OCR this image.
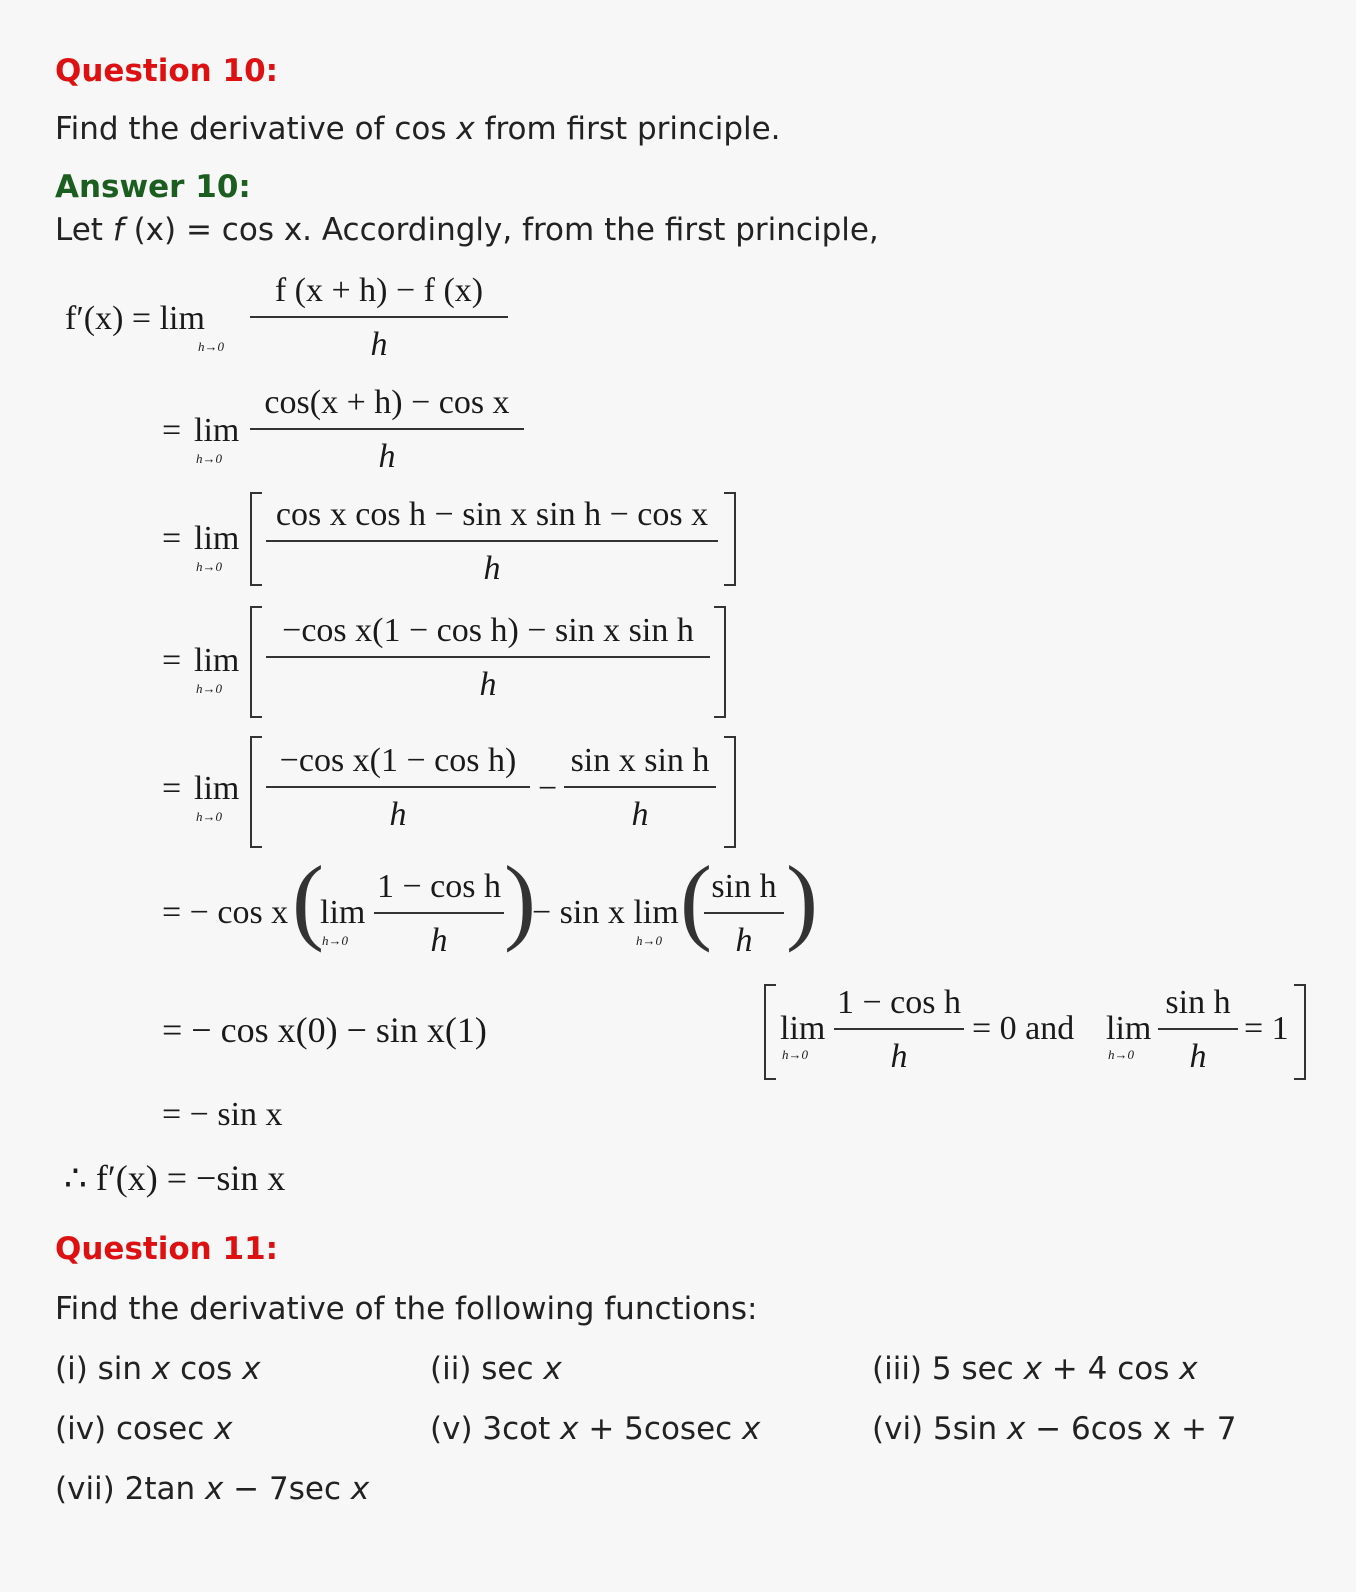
Question 10:
Find the derivative of cos x from first principle.
Answer 10:
Let f (x) = cos x. Accordingly, from the first principle,
f′(x) = lim
$h\to 0 \frac{f (x + h) - f (x)}{h}$
= lim
$h\to 0 \frac{\text{cos(x + h) − cos x}}{h}$
= lim
$h\to 0 \frac{\text{cos x cos h − sin x sin h − cos x}}{h}$
= lim
$h\to 0 \frac{\text{−cos x(1 − cos h) − sin x sin h}}{h}$
= lim
$h\to 0 \frac{\text{−cos x(1 − cos h)}}{h} - \frac{\text{sin x sin h}}{h}$
= − cos x (
lim
$h\to 0 \frac{\text{1 − cos h}}{h}$ )
− sin x lim
h→0 (
$\frac{\text{sin h}}{h}$ )
= − cos x(0) − sin x(1)	lim
$h\to 0 \frac{\text{1 − cos h}}{h} = 0$ and lim
$h\to 0 \frac{\text{sin h}}{h} = 1$
= − sin x
∴ f′(x) = −sin x
Question 11:
Find the derivative of the following functions:
(i) sin x cos x	(ii) sec x	(iii) 5 sec x + 4 cos x
(iv) cosec x	(v) 3cot x + 5cosec x	(vi) 5sin x − 6cos x + 7
(vii) 2tan x − 7sec x
